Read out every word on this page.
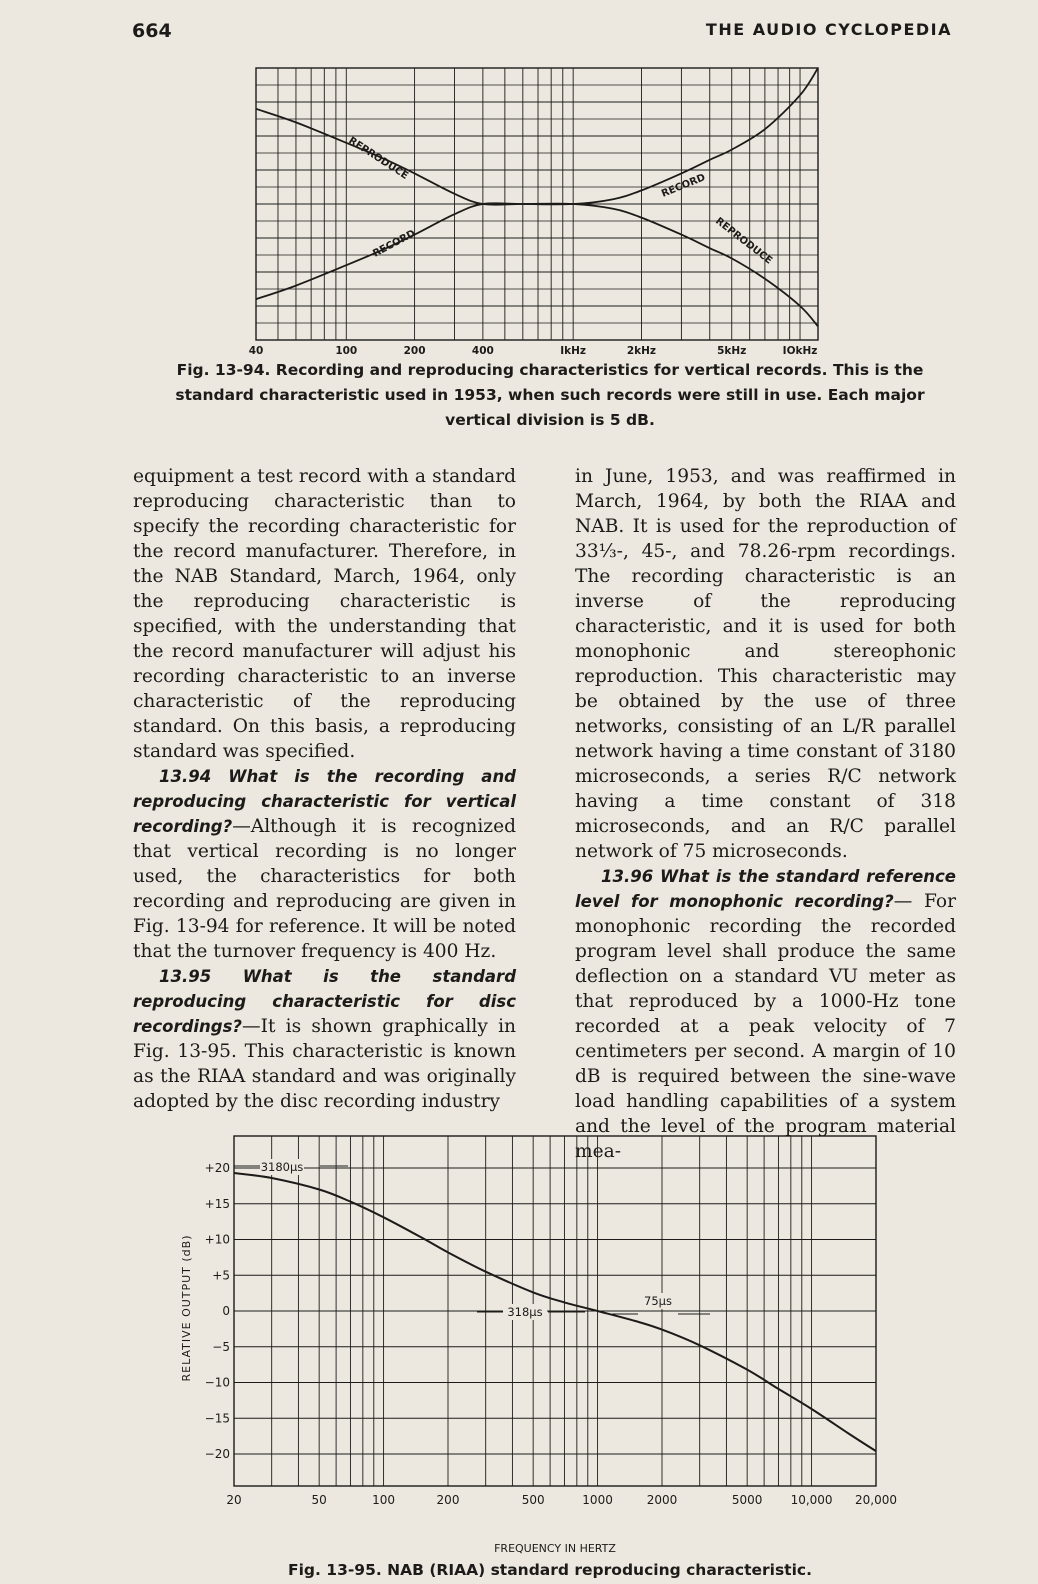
664	THE AUDIO CYCLOPEDIA
40	100	200	400	IkHz	2kHz	5kHz	IOkHz
REPRODUCE
RECORD
RECORD
REPRODUCE
Fig. 13-94. Recording and reproducing characteristics for vertical records. This is the standard characteristic used in 1953, when such records were still in use. Each major vertical division is 5 dB.

equipment a test record with a standard reproducing characteristic than to specify the recording characteristic for the record manufacturer. Therefore, in the NAB Standard, March, 1964, only the reproducing characteristic is specified, with the understanding that the record manufacturer will adjust his recording characteristic to an inverse characteristic of the reproducing standard. On this basis, a reproducing standard was specified.

13.94 What is the recording and reproducing characteristic for vertical recording?—Although it is recognized that vertical recording is no longer used, the characteristics for both recording and reproducing are given in Fig. 13-94 for reference. It will be noted that the turnover frequency is 400 Hz.

13.95 What is the standard reproducing characteristic for disc recordings?—It is shown graphically in Fig. 13-95. This characteristic is known as the RIAA standard and was originally adopted by the disc recording industry

in June, 1953, and was reaffirmed in March, 1964, by both the RIAA and NAB. It is used for the reproduction of 33⅓-, 45-, and 78.26-rpm recordings. The recording characteristic is an inverse of the reproducing characteristic, and it is used for both monophonic and stereophonic reproduction. This characteristic may be obtained by the use of three networks, consisting of an L/R parallel network having a time constant of 3180 microseconds, a series R/C network having a time constant of 318 microseconds, and an R/C parallel network of 75 microseconds.

13.96 What is the standard reference level for monophonic recording?— For monophonic recording the recorded program level shall produce the same deflection on a standard VU meter as that reproduced by a 1000-Hz tone recorded at a peak velocity of 7 centimeters per second. A margin of 10 dB is required between the sine-wave load handling capabilities of a system and the level of the program material mea-

20	50	100	200	500	1000	2000	5000 10,000 20,000
+20
+15
+10
+5
0
−5
−10
−15
−20
3180μs
318μs
75μs
RELATIVE OUTPUT (dB)
FREQUENCY IN HERTZ
Fig. 13-95. NAB (RIAA) standard reproducing characteristic.
